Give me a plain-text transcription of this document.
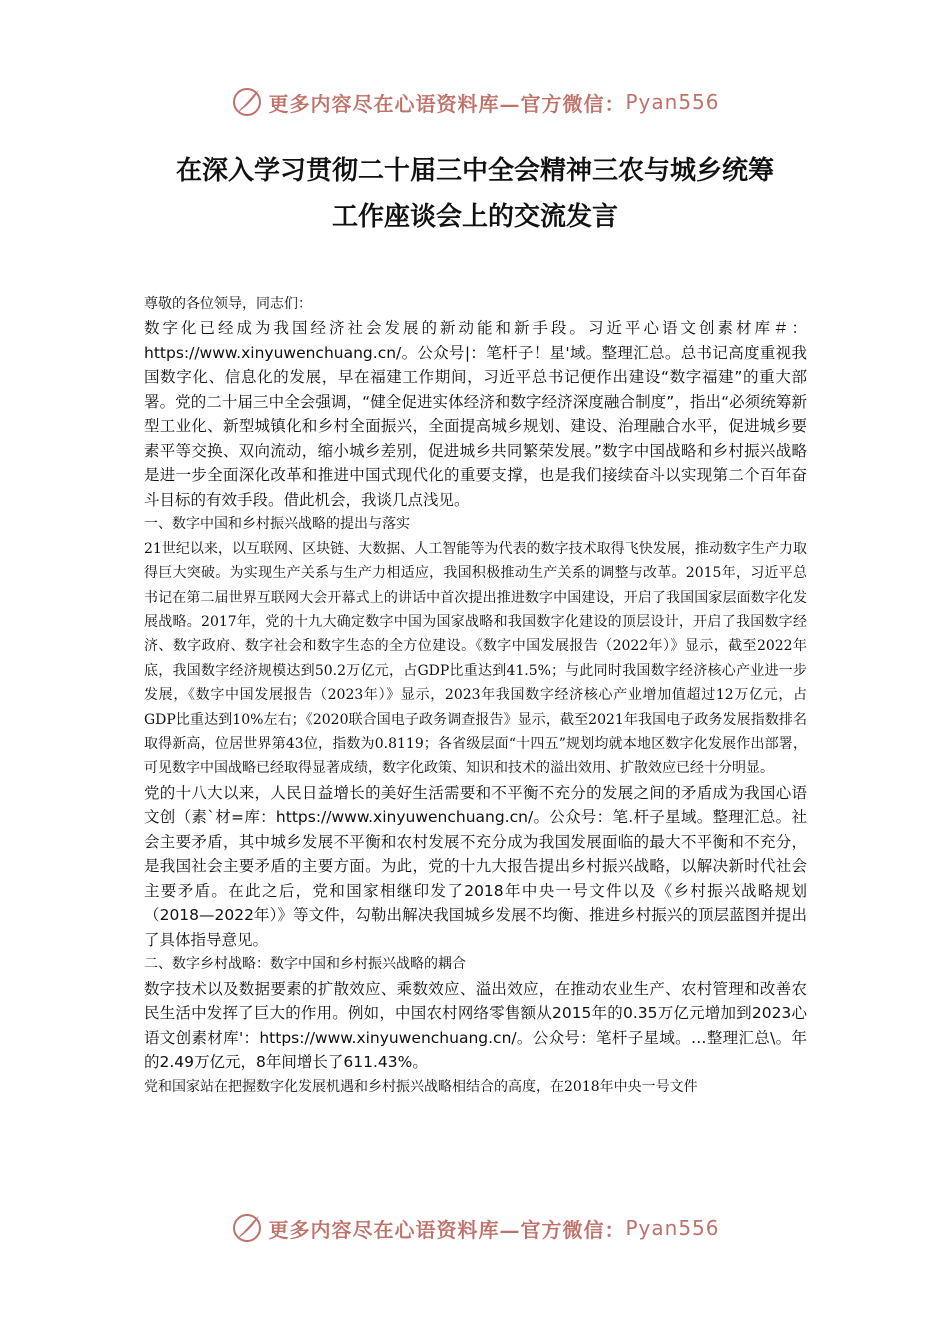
更多内容尽在心语资料库—官方微信： Pyan556
在深入学习贯彻二十届三中全会精神三农与城乡统筹
工作座谈会上的交流发言

尊敬的各位领导，同志们：

数字化已经成为我国经济社会发展的新动能和新手段。习近平心语文创素材库＃：https://www.xinyuwenchuang.cn/。公众号|：笔杆子！星'域。整理汇总。总书记高度重视我国数字化、信息化的发展，早在福建工作期间，习近平总书记便作出建设“数字福建”的重大部署。党的二十届三中全会强调，“健全促进实体经济和数字经济深度融合制度”，指出“必须统筹新型工业化、新型城镇化和乡村全面振兴，全面提高城乡规划、建设、治理融合水平，促进城乡要素平等交换、双向流动，缩小城乡差别，促进城乡共同繁荣发展。”数字中国战略和乡村振兴战略是进一步全面深化改革和推进中国式现代化的重要支撑，也是我们接续奋斗以实现第二个百年奋斗目标的有效手段。借此机会，我谈几点浅见。

一、数字中国和乡村振兴战略的提出与落实

21世纪以来，以互联网、区块链、大数据、人工智能等为代表的数字技术取得飞快发展，推动数字生产力取得巨大突破。为实现生产关系与生产力相适应，我国积极推动生产关系的调整与改革。2015年，习近平总书记在第二届世界互联网大会开幕式上的讲话中首次提出推进数字中国建设，开启了我国国家层面数字化发展战略。2017年，党的十九大确定数字中国为国家战略和我国数字化建设的顶层设计，开启了我国数字经济、数字政府、数字社会和数字生态的全方位建设。《数字中国发展报告（2022年）》显示，截至2022年底，我国数字经济规模达到50.2万亿元，占GDP比重达到41.5%；与此同时我国数字经济核心产业进一步发展，《数字中国发展报告（2023年）》显示，2023年我国数字经济核心产业增加值超过12万亿元，占GDP比重达到10%左右；《2020联合国电子政务调查报告》显示，截至2021年我国电子政务发展指数排名取得新高，位居世界第43位，指数为0.8119；各省级层面“十四五”规划均就本地区数字化发展作出部署，可见数字中国战略已经取得显著成绩，数字化政策、知识和技术的溢出效用、扩散效应已经十分明显。

党的十八大以来，人民日益增长的美好生活需要和不平衡不充分的发展之间的矛盾成为我国心语文创（素`材=库：https://www.xinyuwenchuang.cn/。公众号：笔.杆子星域。整理汇总。社会主要矛盾，其中城乡发展不平衡和农村发展不充分成为我国发展面临的最大不平衡和不充分，是我国社会主要矛盾的主要方面。为此，党的十九大报告提出乡村振兴战略，以解决新时代社会主要矛盾。在此之后，党和国家相继印发了2018年中央一号文件以及《乡村振兴战略规划（2018—2022年）》等文件，勾勒出解决我国城乡发展不均衡、推进乡村振兴的顶层蓝图并提出了具体指导意见。

二、数字乡村战略：数字中国和乡村振兴战略的耦合

数字技术以及数据要素的扩散效应、乘数效应、溢出效应，在推动农业生产、农村管理和改善农民生活中发挥了巨大的作用。例如，中国农村网络零售额从2015年的0.35万亿元增加到2023心语文创素材库'：https://www.xinyuwenchuang.cn/。公众号：笔杆子星域。…整理汇总\。年的2.49万亿元，8年间增长了611.43%。

党和国家站在把握数字化发展机遇和乡村振兴战略相结合的高度，在2018年中央一号文件

更多内容尽在心语资料库—官方微信： Pyan556
